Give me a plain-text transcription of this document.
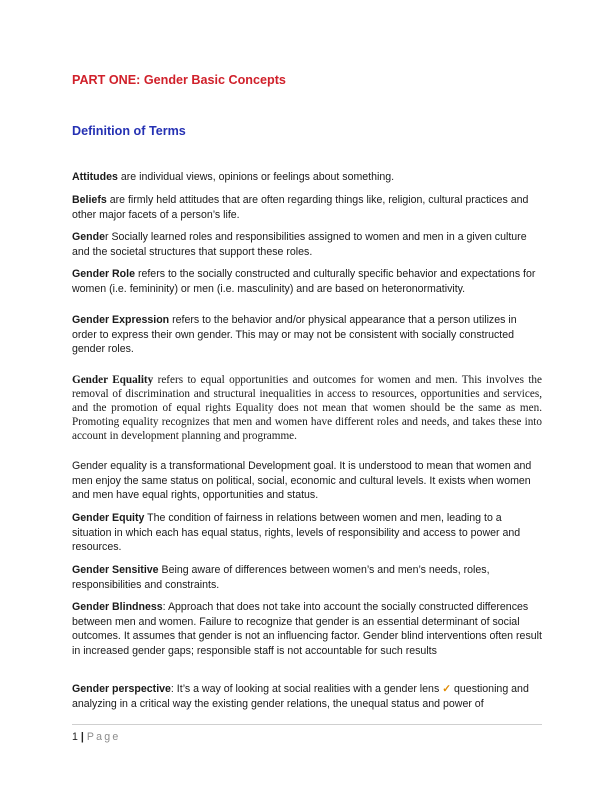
PART ONE: Gender Basic Concepts
Definition of Terms
Attitudes are individual views, opinions or feelings about something.
Beliefs are firmly held attitudes that are often regarding things like, religion, cultural practices and other major facets of a person’s life.
Gender Socially learned roles and responsibilities assigned to women and men in a given culture and the societal structures that support these roles.
Gender Role refers to the socially constructed and culturally specific behavior and expectations for women (i.e. femininity) or men (i.e. masculinity) and are based on heteronormativity.
Gender Expression refers to the behavior and/or physical appearance that a person utilizes in order to express their own gender. This may or may not be consistent with socially constructed gender roles.
Gender Equality refers to equal opportunities and outcomes for women and men. This involves the removal of discrimination and structural inequalities in access to resources, opportunities and services, and the promotion of equal rights Equality does not mean that women should be the same as men. Promoting equality recognizes that men and women have different roles and needs, and takes these into account in development planning and programme.
Gender equality is a transformational Development goal. It is understood to mean that women and men enjoy the same status on political, social, economic and cultural levels. It exists when women and men have equal rights, opportunities and status.
Gender Equity The condition of fairness in relations between women and men, leading to a situation in which each has equal status, rights, levels of responsibility and access to power and resources.
Gender Sensitive Being aware of differences between women’s and men’s needs, roles, responsibilities and constraints.
Gender Blindness: Approach that does not take into account the socially constructed differences between men and women. Failure to recognize that gender is an essential determinant of social outcomes. It assumes that gender is not an influencing factor. Gender blind interventions often result in increased gender gaps; responsible staff is not accountable for such results
Gender perspective: It’s a way of looking at social realities with a gender lens ✓ questioning and analyzing in a critical way the existing gender relations, the unequal status and power of
1 | Page
